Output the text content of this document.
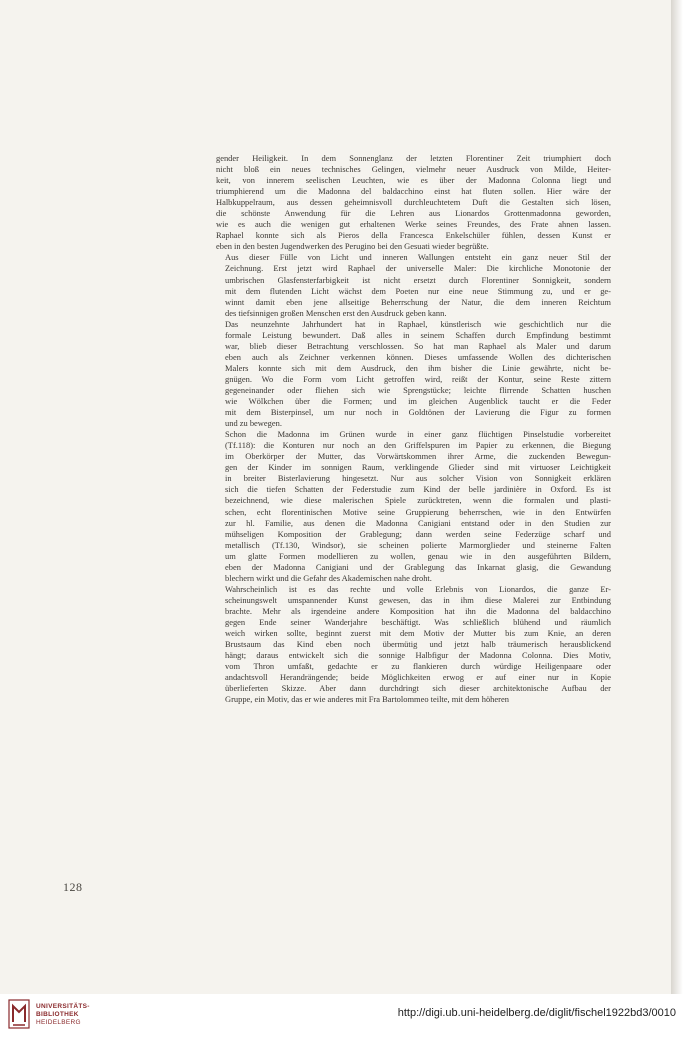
gender Heiligkeit. In dem Sonnenglanz der letzten Florentiner Zeit triumphiert doch
nicht bloß ein neues technisches Gelingen, vielmehr neuer Ausdruck von Milde, Heiter-
keit, von innerem seelischen Leuchten, wie es über der Madonna Colonna liegt und
triumphierend um die Madonna del baldacchino einst hat fluten sollen. Hier wäre der
Halbkuppelraum, aus dessen geheimnisvoll durchleuchtetem Duft die Gestalten sich lösen,
die schönste Anwendung für die Lehren aus Lionardos Grottenmadonna geworden,
wie es auch die wenigen gut erhaltenen Werke seines Freundes, des Frate ahnen lassen.
Raphael konnte sich als Pieros della Francesca Enkelschüler fühlen, dessen Kunst er
eben in den besten Jugendwerken des Perugino bei den Gesuati wieder begrüßte.

Aus dieser Fülle von Licht und inneren Wallungen entsteht ein ganz neuer Stil der
Zeichnung. Erst jetzt wird Raphael der universelle Maler: Die kirchliche Monotonie der
umbrischen Glasfensterfarbigkeit ist nicht ersetzt durch Florentiner Sonnigkeit, sondern
mit dem flutenden Licht wächst dem Poeten nur eine neue Stimmung zu, und er ge-
winnt damit eben jene allseitige Beherrschung der Natur, die dem inneren Reichtum
des tiefsinnigen großen Menschen erst den Ausdruck geben kann.

Das neunzehnte Jahrhundert hat in Raphael, künstlerisch wie geschichtlich nur die
formale Leistung bewundert. Daß alles in seinem Schaffen durch Empfindung bestimmt
war, blieb dieser Betrachtung verschlossen. So hat man Raphael als Maler und darum
eben auch als Zeichner verkennen können. Dieses umfassende Wollen des dichterischen
Malers konnte sich mit dem Ausdruck, den ihm bisher die Linie gewährte, nicht be-
gnügen. Wo die Form vom Licht getroffen wird, reißt der Kontur, seine Reste zittern
gegeneinander oder fliehen sich wie Sprengstücke; leichte flirrende Schatten huschen
wie Wölkchen über die Formen; und im gleichen Augenblick taucht er die Feder
mit dem Bisterpinsel, um nur noch in Goldtönen der Lavierung die Figur zu formen
und zu bewegen.

Schon die Madonna im Grünen wurde in einer ganz flüchtigen Pinselstudie vorbereitet
(Tf.118): die Konturen nur noch an den Griffelspuren im Papier zu erkennen, die Biegung
im Oberkörper der Mutter, das Vorwärtskommen ihrer Arme, die zuckenden Bewegun-
gen der Kinder im sonnigen Raum, verklingende Glieder sind mit virtuoser Leichtigkeit
in breiter Bisterlavierung hingesetzt. Nur aus solcher Vision von Sonnigkeit erklären
sich die tiefen Schatten der Federstudie zum Kind der belle jardinière in Oxford. Es ist
bezeichnend, wie diese malerischen Spiele zurücktreten, wenn die formalen und plasti-
schen, echt florentinischen Motive seine Gruppierung beherrschen, wie in den Entwürfen
zur hl. Familie, aus denen die Madonna Canigiani entstand oder in den Studien zur
mühseligen Komposition der Grablegung; dann werden seine Federzüge scharf und
metallisch (Tf.130, Windsor), sie scheinen polierte Marmorglieder und steinerne Falten
um glatte Formen modellieren zu wollen, genau wie in den ausgeführten Bildern,
eben der Madonna Canigiani und der Grablegung das Inkarnat glasig, die Gewandung
blechern wirkt und die Gefahr des Akademischen nahe droht.

Wahrscheinlich ist es das rechte und volle Erlebnis von Lionardos, die ganze Er-
scheinungswelt umspannender Kunst gewesen, das in ihm diese Malerei zur Entbindung
brachte. Mehr als irgendeine andere Komposition hat ihn die Madonna del baldacchino
gegen Ende seiner Wanderjahre beschäftigt. Was schließlich blühend und räumlich
weich wirken sollte, beginnt zuerst mit dem Motiv der Mutter bis zum Knie, an deren
Brustsaum das Kind eben noch übermütig und jetzt halb träumerisch herausblickend
hängt; daraus entwickelt sich die sonnige Halbfigur der Madonna Colonna. Dies Motiv,
vom Thron umfaßt, gedachte er zu flankieren durch würdige Heiligenpaare oder
andachtsvoll Herandrängende; beide Möglichkeiten erwog er auf einer nur in Kopie
überlieferten Skizze. Aber dann durchdringt sich dieser architektonische Aufbau der
Gruppe, ein Motiv, das er wie anderes mit Fra Bartolommeo teilte, mit dem höheren

128
UNIVERSITÄTS-
BIBLIOTHEK
HEIDELBERG
http://digi.ub.uni-heidelberg.de/diglit/fischel1922bd3/0010
